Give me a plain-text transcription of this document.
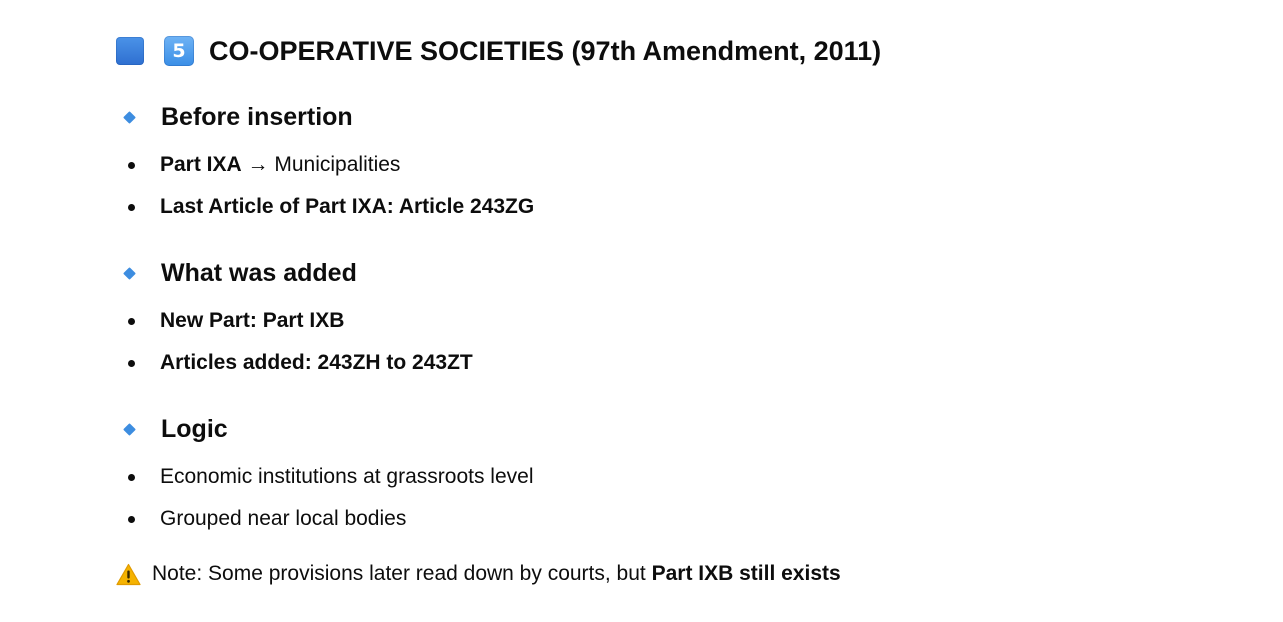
5 CO-OPERATIVE SOCIETIES (97th Amendment, 2011)
Before insertion
Part IXA → Municipalities
Last Article of Part IXA: Article 243ZG
What was added
New Part: Part IXB
Articles added: 243ZH to 243ZT
Logic
Economic institutions at grassroots level
Grouped near local bodies
Note: Some provisions later read down by courts, but Part IXB still exists
